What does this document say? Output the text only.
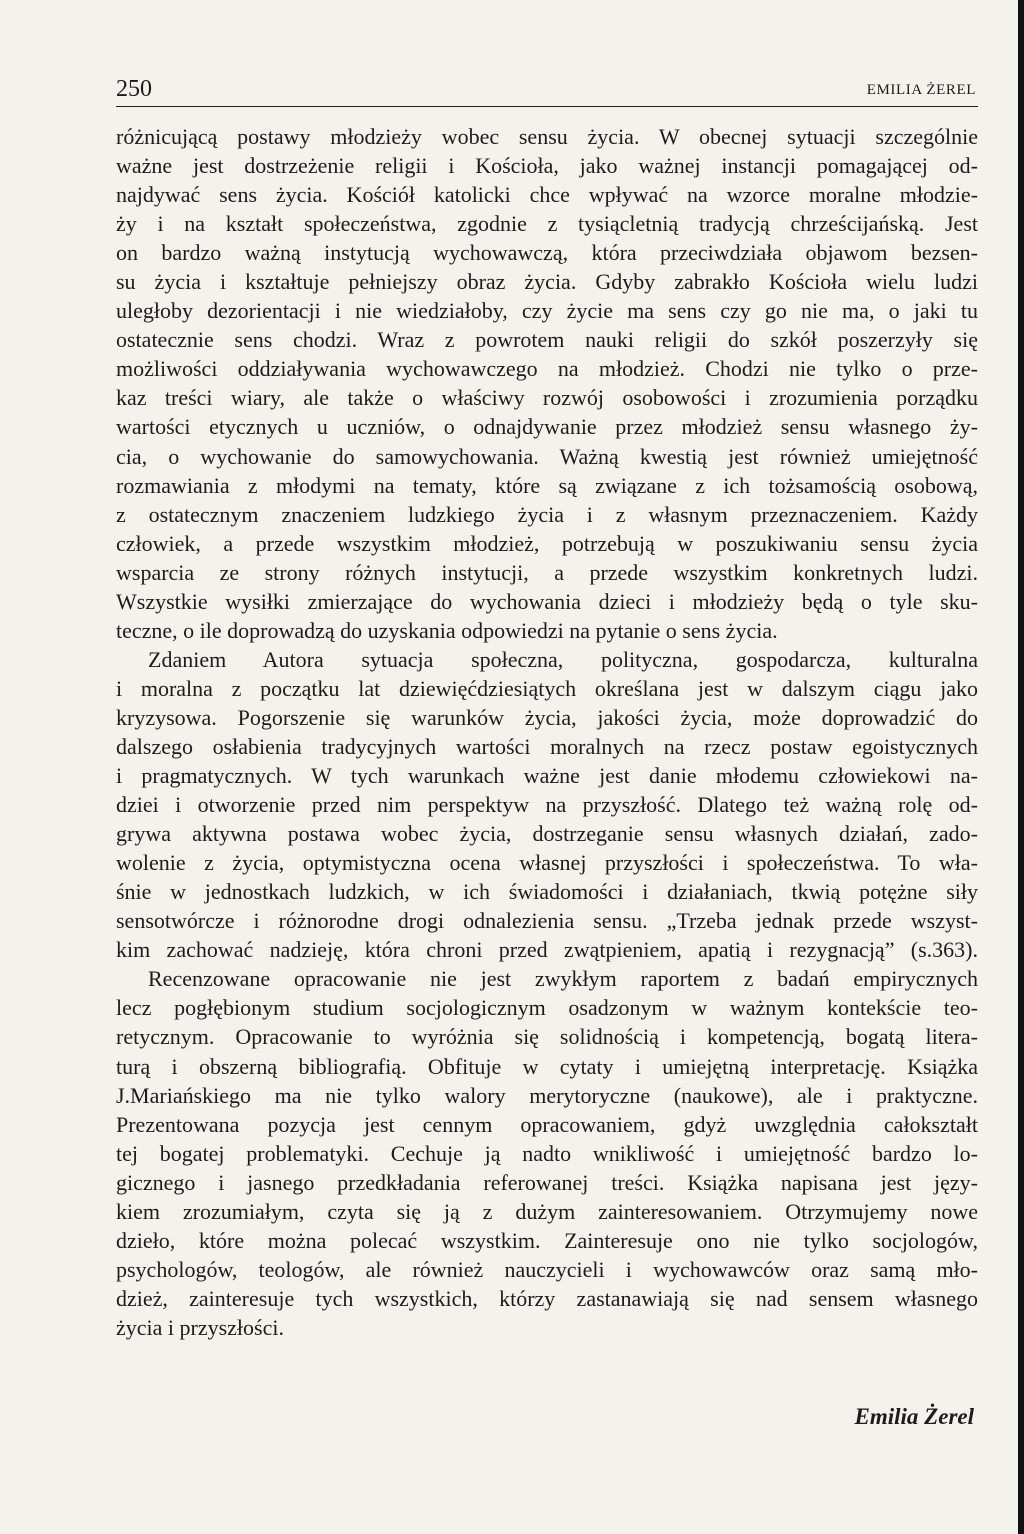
250	EMILIA ŻEREL
różnicującą postawy młodzieży wobec sensu życia. W obecnej sytuacji szczególnie
ważne jest dostrzeżenie religii i Kościoła, jako ważnej instancji pomagającej od-
najdywać sens życia. Kościół katolicki chce wpływać na wzorce moralne młodzie-
ży i na kształt społeczeństwa, zgodnie z tysiącletnią tradycją chrześcijańską. Jest
on bardzo ważną instytucją wychowawczą, która przeciwdziała objawom bezsen-
su życia i kształtuje pełniejszy obraz życia. Gdyby zabrakło Kościoła wielu ludzi
uległoby dezorientacji i nie wiedziałoby, czy życie ma sens czy go nie ma, o jaki tu
ostatecznie sens chodzi. Wraz z powrotem nauki religii do szkół poszerzyły się
możliwości oddziaływania wychowawczego na młodzież. Chodzi nie tylko o prze-
kaz treści wiary, ale także o właściwy rozwój osobowości i zrozumienia porządku
wartości etycznych u uczniów, o odnajdywanie przez młodzież sensu własnego ży-
cia, o wychowanie do samowychowania. Ważną kwestią jest również umiejętność
rozmawiania z młodymi na tematy, które są związane z ich tożsamością osobową,
z ostatecznym znaczeniem ludzkiego życia i z własnym przeznaczeniem. Każdy
człowiek, a przede wszystkim młodzież, potrzebują w poszukiwaniu sensu życia
wsparcia ze strony różnych instytucji, a przede wszystkim konkretnych ludzi.
Wszystkie wysiłki zmierzające do wychowania dzieci i młodzieży będą o tyle sku-
teczne, o ile doprowadzą do uzyskania odpowiedzi na pytanie o sens życia.
Zdaniem Autora sytuacja społeczna, polityczna, gospodarcza, kulturalna
i moralna z początku lat dziewięćdziesiątych określana jest w dalszym ciągu jako
kryzysowa. Pogorszenie się warunków życia, jakości życia, może doprowadzić do
dalszego osłabienia tradycyjnych wartości moralnych na rzecz postaw egoistycznych
i pragmatycznych. W tych warunkach ważne jest danie młodemu człowiekowi na-
dziei i otworzenie przed nim perspektyw na przyszłość. Dlatego też ważną rolę od-
grywa aktywna postawa wobec życia, dostrzeganie sensu własnych działań, zado-
wolenie z życia, optymistyczna ocena własnej przyszłości i społeczeństwa. To wła-
śnie w jednostkach ludzkich, w ich świadomości i działaniach, tkwią potężne siły
sensotwórcze i różnorodne drogi odnalezienia sensu. „Trzeba jednak przede wszyst-
kim zachować nadzieję, która chroni przed zwątpieniem, apatią i rezygnacją” (s.363).
Recenzowane opracowanie nie jest zwykłym raportem z badań empirycznych
lecz pogłębionym studium socjologicznym osadzonym w ważnym kontekście teo-
retycznym. Opracowanie to wyróżnia się solidnością i kompetencją, bogatą litera-
turą i obszerną bibliografią. Obfituje w cytaty i umiejętną interpretację. Książka
J.Mariańskiego ma nie tylko walory merytoryczne (naukowe), ale i praktyczne.
Prezentowana pozycja jest cennym opracowaniem, gdyż uwzględnia całokształt
tej bogatej problematyki. Cechuje ją nadto wnikliwość i umiejętność bardzo lo-
gicznego i jasnego przedkładania referowanej treści. Książka napisana jest języ-
kiem zrozumiałym, czyta się ją z dużym zainteresowaniem. Otrzymujemy nowe
dzieło, które można polecać wszystkim. Zainteresuje ono nie tylko socjologów,
psychologów, teologów, ale również nauczycieli i wychowawców oraz samą mło-
dzież, zainteresuje tych wszystkich, którzy zastanawiają się nad sensem własnego
życia i przyszłości.
Emilia Żerel
